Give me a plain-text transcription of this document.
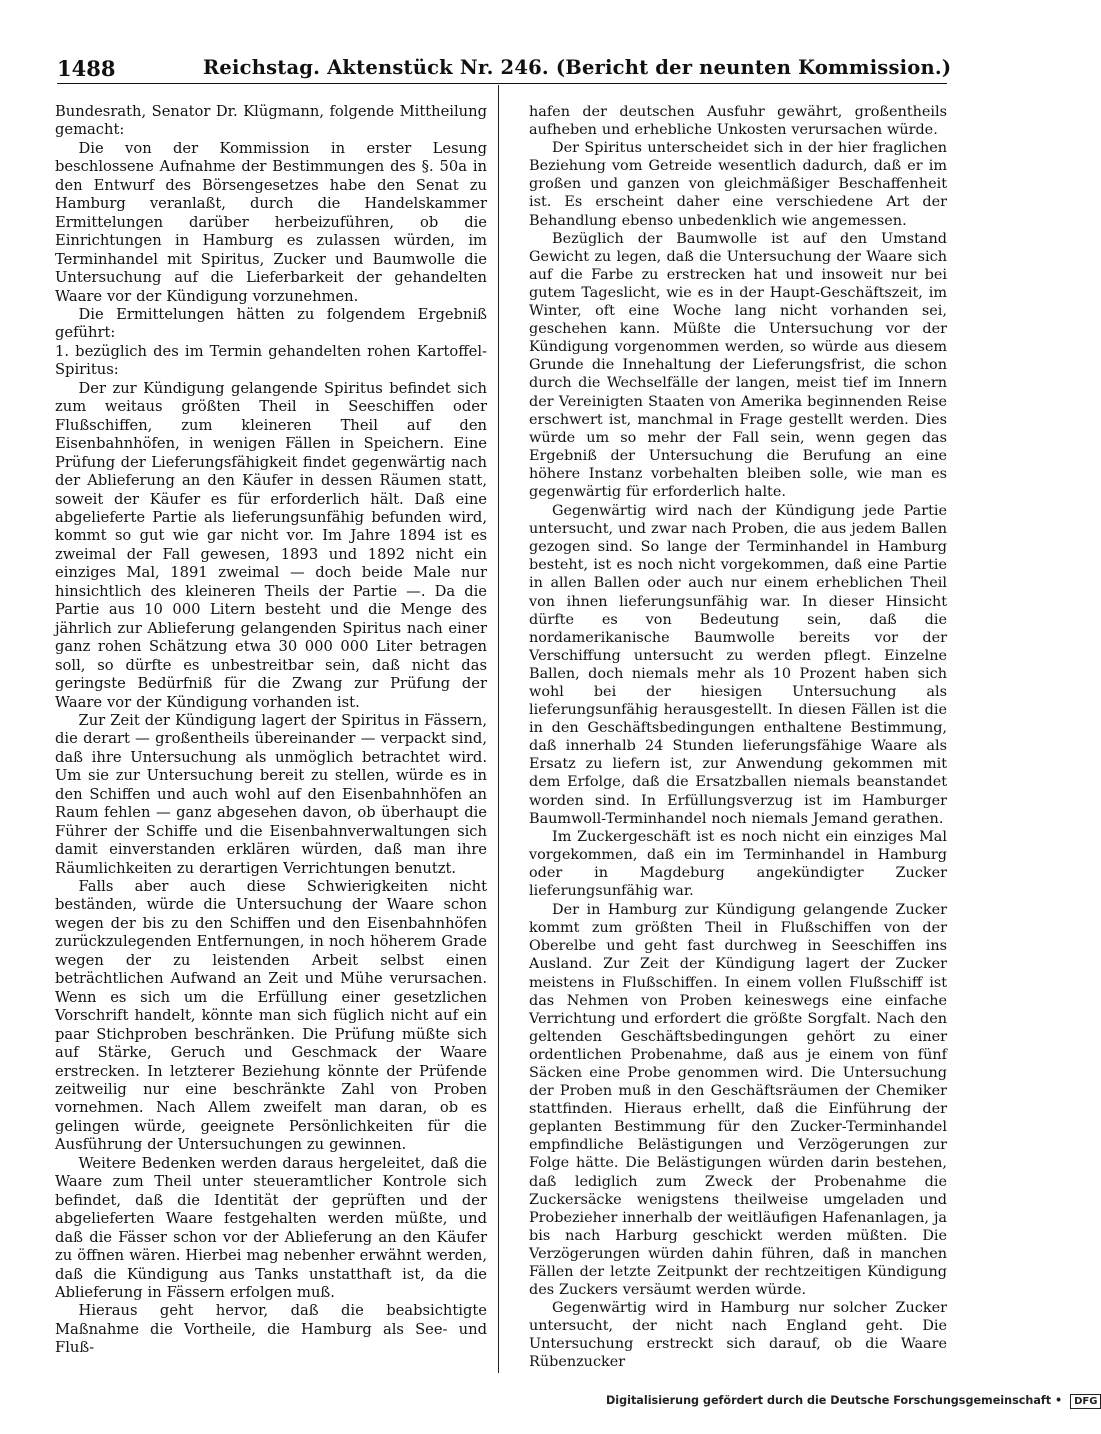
1488	Reichstag. Aktenstück Nr. 246. (Bericht der neunten Kommission.)

Bundesrath, Senator Dr. Klügmann, folgende Mittheilung gemacht:

Die von der Kommission in erster Lesung beschlossene Aufnahme der Bestimmungen des §. 50a in den Entwurf des Börsengesetzes habe den Senat zu Hamburg veranlaßt, durch die Handelskammer Ermittelungen darüber herbeizuführen, ob die Einrichtungen in Hamburg es zulassen würden, im Terminhandel mit Spiritus, Zucker und Baumwolle die Untersuchung auf die Lieferbarkeit der gehandelten Waare vor der Kündigung vorzunehmen.

Die Ermittelungen hätten zu folgendem Ergebniß geführt:

1. bezüglich des im Termin gehandelten rohen Kartoffel-Spiritus:

Der zur Kündigung gelangende Spiritus befindet sich zum weitaus größten Theil in Seeschiffen oder Flußschiffen, zum kleineren Theil auf den Eisenbahnhöfen, in wenigen Fällen in Speichern. Eine Prüfung der Lieferungsfähigkeit findet gegenwärtig nach der Ablieferung an den Käufer in dessen Räumen statt, soweit der Käufer es für erforderlich hält. Daß eine abgelieferte Partie als lieferungsunfähig befunden wird, kommt so gut wie gar nicht vor. Im Jahre 1894 ist es zweimal der Fall gewesen, 1893 und 1892 nicht ein einziges Mal, 1891 zweimal — doch beide Male nur hinsichtlich des kleineren Theils der Partie —. Da die Partie aus 10 000 Litern besteht und die Menge des jährlich zur Ablieferung gelangenden Spiritus nach einer ganz rohen Schätzung etwa 30 000 000 Liter betragen soll, so dürfte es unbestreitbar sein, daß nicht das geringste Bedürfniß für die Zwang zur Prüfung der Waare vor der Kündigung vorhanden ist.

Zur Zeit der Kündigung lagert der Spiritus in Fässern, die derart — großentheils übereinander — verpackt sind, daß ihre Untersuchung als unmöglich betrachtet wird. Um sie zur Untersuchung bereit zu stellen, würde es in den Schiffen und auch wohl auf den Eisenbahnhöfen an Raum fehlen — ganz abgesehen davon, ob überhaupt die Führer der Schiffe und die Eisenbahnverwaltungen sich damit einverstanden erklären würden, daß man ihre Räumlichkeiten zu derartigen Verrichtungen benutzt.

Falls aber auch diese Schwierigkeiten nicht beständen, würde die Untersuchung der Waare schon wegen der bis zu den Schiffen und den Eisenbahnhöfen zurückzulegenden Entfernungen, in noch höherem Grade wegen der zu leistenden Arbeit selbst einen beträchtlichen Aufwand an Zeit und Mühe verursachen. Wenn es sich um die Erfüllung einer gesetzlichen Vorschrift handelt, könnte man sich füglich nicht auf ein paar Stichproben beschränken. Die Prüfung müßte sich auf Stärke, Geruch und Geschmack der Waare erstrecken. In letzterer Beziehung könnte der Prüfende zeitweilig nur eine beschränkte Zahl von Proben vornehmen. Nach Allem zweifelt man daran, ob es gelingen würde, geeignete Persönlichkeiten für die Ausführung der Untersuchungen zu gewinnen.

Weitere Bedenken werden daraus hergeleitet, daß die Waare zum Theil unter steueramtlicher Kontrole sich befindet, daß die Identität der geprüften und der abgelieferten Waare festgehalten werden müßte, und daß die Fässer schon vor der Ablieferung an den Käufer zu öffnen wären. Hierbei mag nebenher erwähnt werden, daß die Kündigung aus Tanks unstatthaft ist, da die Ablieferung in Fässern erfolgen muß.

Hieraus geht hervor, daß die beabsichtigte Maßnahme die Vortheile, die Hamburg als See- und Fluß-

hafen der deutschen Ausfuhr gewährt, großentheils aufheben und erhebliche Unkosten verursachen würde.

Der Spiritus unterscheidet sich in der hier fraglichen Beziehung vom Getreide wesentlich dadurch, daß er im großen und ganzen von gleichmäßiger Beschaffenheit ist. Es erscheint daher eine verschiedene Art der Behandlung ebenso unbedenklich wie angemessen.

Bezüglich der Baumwolle ist auf den Umstand Gewicht zu legen, daß die Untersuchung der Waare sich auf die Farbe zu erstrecken hat und insoweit nur bei gutem Tageslicht, wie es in der Haupt-Geschäftszeit, im Winter, oft eine Woche lang nicht vorhanden sei, geschehen kann. Müßte die Untersuchung vor der Kündigung vorgenommen werden, so würde aus diesem Grunde die Innehaltung der Lieferungsfrist, die schon durch die Wechselfälle der langen, meist tief im Innern der Vereinigten Staaten von Amerika beginnenden Reise erschwert ist, manchmal in Frage gestellt werden. Dies würde um so mehr der Fall sein, wenn gegen das Ergebniß der Untersuchung die Berufung an eine höhere Instanz vorbehalten bleiben solle, wie man es gegenwärtig für erforderlich halte.

Gegenwärtig wird nach der Kündigung jede Partie untersucht, und zwar nach Proben, die aus jedem Ballen gezogen sind. So lange der Terminhandel in Hamburg besteht, ist es noch nicht vorgekommen, daß eine Partie in allen Ballen oder auch nur einem erheblichen Theil von ihnen lieferungsunfähig war. In dieser Hinsicht dürfte es von Bedeutung sein, daß die nordamerikanische Baumwolle bereits vor der Verschiffung untersucht zu werden pflegt. Einzelne Ballen, doch niemals mehr als 10 Prozent haben sich wohl bei der hiesigen Untersuchung als lieferungsunfähig herausgestellt. In diesen Fällen ist die in den Geschäftsbedingungen enthaltene Bestimmung, daß innerhalb 24 Stunden lieferungsfähige Waare als Ersatz zu liefern ist, zur Anwendung gekommen mit dem Erfolge, daß die Ersatzballen niemals beanstandet worden sind. In Erfüllungsverzug ist im Hamburger Baumwoll-Terminhandel noch niemals Jemand gerathen.

Im Zuckergeschäft ist es noch nicht ein einziges Mal vorgekommen, daß ein im Terminhandel in Hamburg oder in Magdeburg angekündigter Zucker lieferungsunfähig war.

Der in Hamburg zur Kündigung gelangende Zucker kommt zum größten Theil in Flußschiffen von der Oberelbe und geht fast durchweg in Seeschiffen ins Ausland. Zur Zeit der Kündigung lagert der Zucker meistens in Flußschiffen. In einem vollen Flußschiff ist das Nehmen von Proben keineswegs eine einfache Verrichtung und erfordert die größte Sorgfalt. Nach den geltenden Geschäftsbedingungen gehört zu einer ordentlichen Probenahme, daß aus je einem von fünf Säcken eine Probe genommen wird. Die Untersuchung der Proben muß in den Geschäftsräumen der Chemiker stattfinden. Hieraus erhellt, daß die Einführung der geplanten Bestimmung für den Zucker-Terminhandel empfindliche Belästigungen und Verzögerungen zur Folge hätte. Die Belästigungen würden darin bestehen, daß lediglich zum Zweck der Probenahme die Zuckersäcke wenigstens theilweise umgeladen und Probezieher innerhalb der weitläufigen Hafenanlagen, ja bis nach Harburg geschickt werden müßten. Die Verzögerungen würden dahin führen, daß in manchen Fällen der letzte Zeitpunkt der rechtzeitigen Kündigung des Zuckers versäumt werden würde.

Gegenwärtig wird in Hamburg nur solcher Zucker untersucht, der nicht nach England geht. Die Untersuchung erstreckt sich darauf, ob die Waare Rübenzucker

Digitalisierung gefördert durch die Deutsche Forschungsgemeinschaft • DFG
